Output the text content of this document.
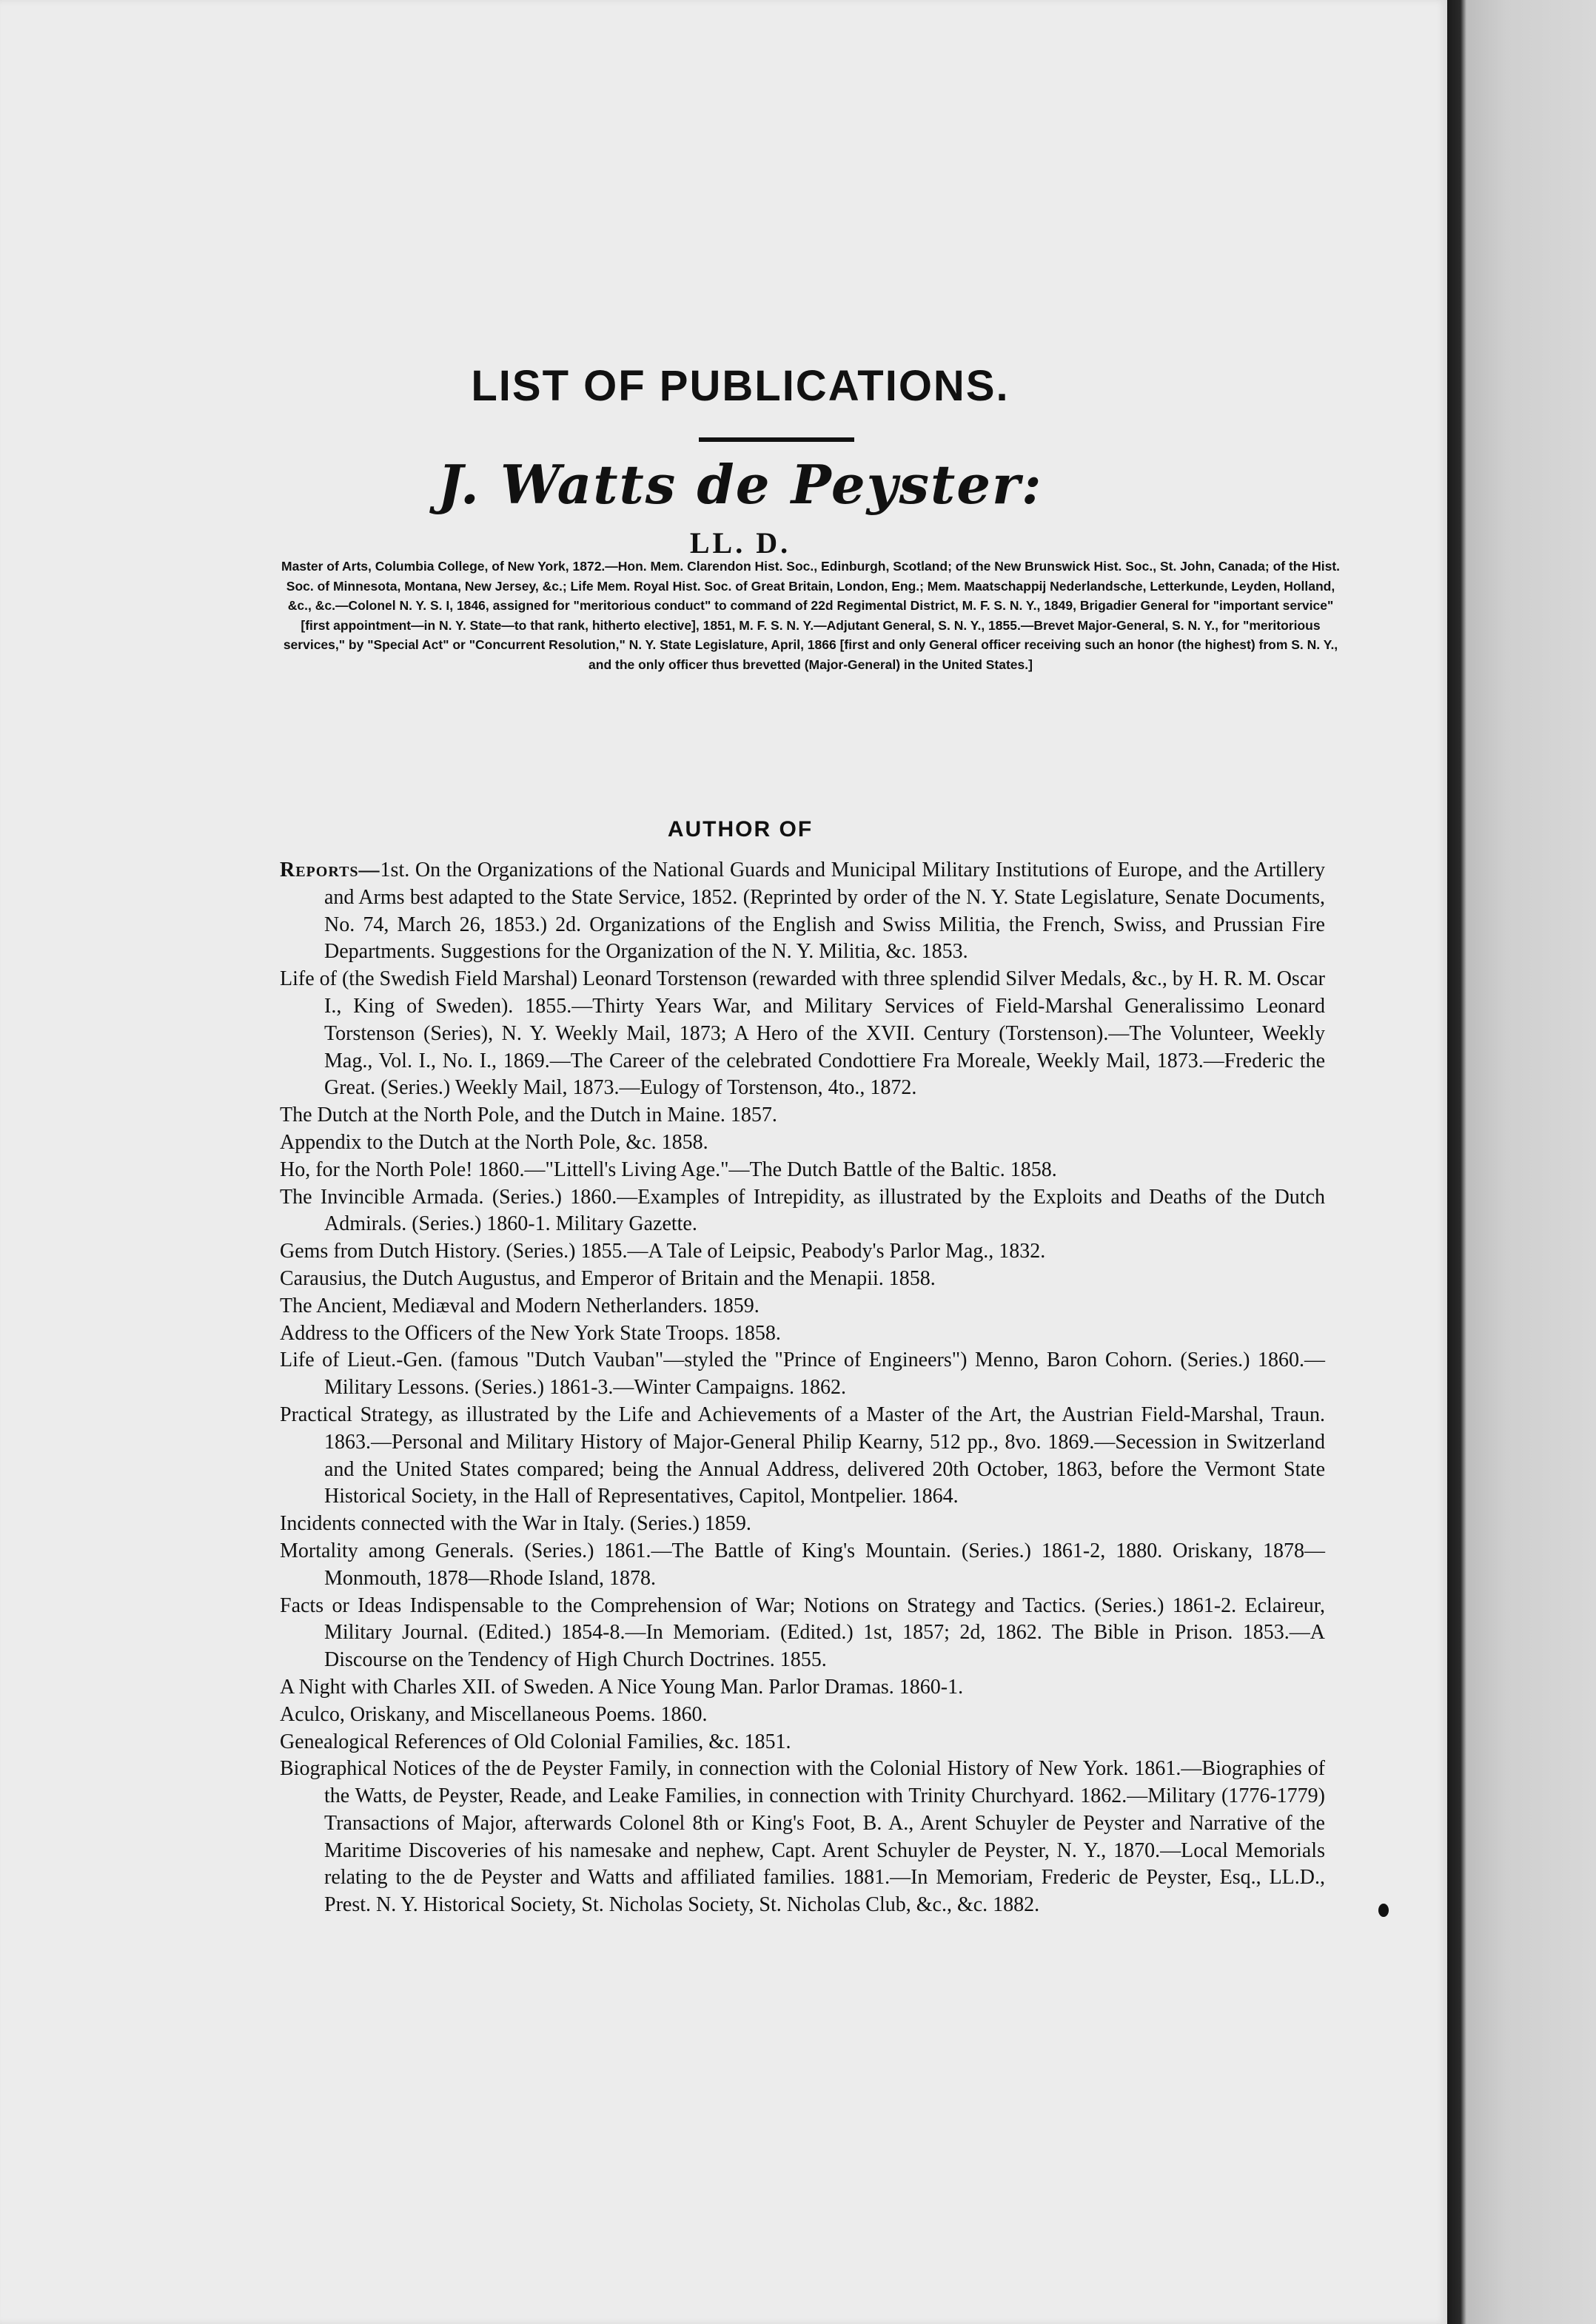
LIST OF PUBLICATIONS.
J. Watts de Peyster:
LL. D.
Master of Arts, Columbia College, of New York, 1872.—Hon. Mem. Clarendon Hist. Soc., Edinburgh, Scotland; of the New Brunswick Hist. Soc., St. John, Canada; of the Hist. Soc. of Minnesota, Montana, New Jersey, &c.; Life Mem. Royal Hist. Soc. of Great Britain, London, Eng.; Mem. Maatschappij Nederlandsche, Letterkunde, Leyden, Holland, &c., &c.—Colonel N. Y. S. I, 1846, assigned for "meritorious conduct" to command of 22d Regimental District, M. F. S. N. Y., 1849, Brigadier General for "important service" [first appointment—in N. Y. State—to that rank, hitherto elective], 1851, M. F. S. N. Y.—Adjutant General, S. N. Y., 1855.—Brevet Major-General, S. N. Y., for "meritorious services," by "Special Act" or "Concurrent Resolution," N. Y. State Legislature, April, 1866 [first and only General officer receiving such an honor (the highest) from S. N. Y., and the only officer thus brevetted (Major-General) in the United States.]
AUTHOR OF
Reports—1st. On the Organizations of the National Guards and Municipal Military Institutions of Europe, and the Artillery and Arms best adapted to the State Service, 1852. (Reprinted by order of the N. Y. State Legislature, Senate Documents, No. 74, March 26, 1853.) 2d. Organizations of the English and Swiss Militia, the French, Swiss, and Prussian Fire Departments. Suggestions for the Organization of the N. Y. Militia, &c. 1853.
Life of (the Swedish Field Marshal) Leonard Torstenson (rewarded with three splendid Silver Medals, &c., by H. R. M. Oscar I., King of Sweden). 1855.—Thirty Years War, and Military Services of Field-Marshal Generalissimo Leonard Torstenson (Series), N. Y. Weekly Mail, 1873; A Hero of the XVII. Century (Torstenson).—The Volunteer, Weekly Mag., Vol. I., No. I., 1869.—The Career of the celebrated Condottiere Fra Moreale, Weekly Mail, 1873.—Frederic the Great. (Series.) Weekly Mail, 1873.—Eulogy of Torstenson, 4to., 1872.
The Dutch at the North Pole, and the Dutch in Maine. 1857.
Appendix to the Dutch at the North Pole, &c. 1858.
Ho, for the North Pole! 1860.—"Littell's Living Age."—The Dutch Battle of the Baltic. 1858.
The Invincible Armada. (Series.) 1860.—Examples of Intrepidity, as illustrated by the Exploits and Deaths of the Dutch Admirals. (Series.) 1860-1. Military Gazette.
Gems from Dutch History. (Series.) 1855.—A Tale of Leipsic, Peabody's Parlor Mag., 1832.
Carausius, the Dutch Augustus, and Emperor of Britain and the Menapii. 1858.
The Ancient, Mediæval and Modern Netherlanders. 1859.
Address to the Officers of the New York State Troops. 1858.
Life of Lieut.-Gen. (famous "Dutch Vauban"—styled the "Prince of Engineers") Menno, Baron Cohorn. (Series.) 1860.—Military Lessons. (Series.) 1861-3.—Winter Campaigns. 1862.
Practical Strategy, as illustrated by the Life and Achievements of a Master of the Art, the Austrian Field-Marshal, Traun. 1863.—Personal and Military History of Major-General Philip Kearny, 512 pp., 8vo. 1869.—Secession in Switzerland and the United States compared; being the Annual Address, delivered 20th October, 1863, before the Vermont State Historical Society, in the Hall of Representatives, Capitol, Montpelier. 1864.
Incidents connected with the War in Italy. (Series.) 1859.
Mortality among Generals. (Series.) 1861.—The Battle of King's Mountain. (Series.) 1861-2, 1880. Oriskany, 1878—Monmouth, 1878—Rhode Island, 1878.
Facts or Ideas Indispensable to the Comprehension of War; Notions on Strategy and Tactics. (Series.) 1861-2. Eclaireur, Military Journal. (Edited.) 1854-8.—In Memoriam. (Edited.) 1st, 1857; 2d, 1862. The Bible in Prison. 1853.—A Discourse on the Tendency of High Church Doctrines. 1855.
A Night with Charles XII. of Sweden. A Nice Young Man. Parlor Dramas. 1860-1.
Aculco, Oriskany, and Miscellaneous Poems. 1860.
Genealogical References of Old Colonial Families, &c. 1851.
Biographical Notices of the de Peyster Family, in connection with the Colonial History of New York. 1861.—Biographies of the Watts, de Peyster, Reade, and Leake Families, in connection with Trinity Churchyard. 1862.—Military (1776-1779) Transactions of Major, afterwards Colonel 8th or King's Foot, B. A., Arent Schuyler de Peyster and Narrative of the Maritime Discoveries of his namesake and nephew, Capt. Arent Schuyler de Peyster, N. Y., 1870.—Local Memorials relating to the de Peyster and Watts and affiliated families. 1881.—In Memoriam, Frederic de Peyster, Esq., LL.D., Prest. N. Y. Historical Society, St. Nicholas Society, St. Nicholas Club, &c., &c. 1882.
